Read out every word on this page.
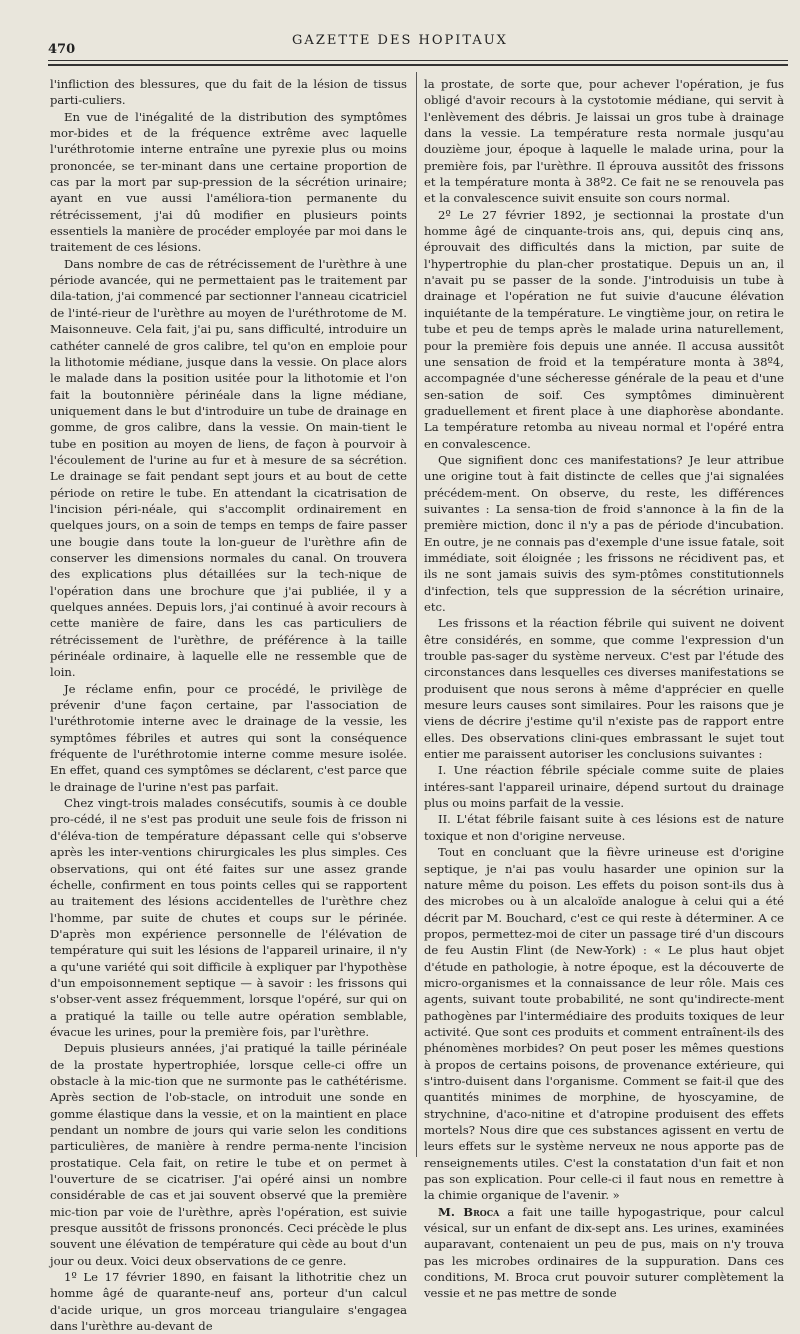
470
GAZETTE DES HOPITAUX

l'infliction des blessures, que du fait de la lésion de tissus parti-culiers.

En vue de l'inégalité de la distribution des symptômes mor-bides et de la fréquence extrême avec laquelle l'uréthrotomie interne entraîne une pyrexie plus ou moins prononcée, se ter-minant dans une certaine proportion de cas par la mort par sup-pression de la sécrétion urinaire; ayant en vue aussi l'améliora-tion permanente du rétrécissement, j'ai dû modifier en plusieurs points essentiels la manière de procéder employée par moi dans le traitement de ces lésions.

Dans nombre de cas de rétrécissement de l'urèthre à une période avancée, qui ne permettaient pas le traitement par dila-tation, j'ai commencé par sectionner l'anneau cicatriciel de l'inté-rieur de l'urèthre au moyen de l'uréthrotome de M. Maisonneuve. Cela fait, j'ai pu, sans difficulté, introduire un cathéter cannelé de gros calibre, tel qu'on en emploie pour la lithotomie médiane, jusque dans la vessie. On place alors le malade dans la position usitée pour la lithotomie et l'on fait la boutonnière périnéale dans la ligne médiane, uniquement dans le but d'introduire un tube de drainage en gomme, de gros calibre, dans la vessie. On main-tient le tube en position au moyen de liens, de façon à pourvoir à l'écoulement de l'urine au fur et à mesure de sa sécrétion. Le drainage se fait pendant sept jours et au bout de cette période on retire le tube. En attendant la cicatrisation de l'incision péri-néale, qui s'accomplit ordinairement en quelques jours, on a soin de temps en temps de faire passer une bougie dans toute la lon-gueur de l'urèthre afin de conserver les dimensions normales du canal. On trouvera des explications plus détaillées sur la tech-nique de l'opération dans une brochure que j'ai publiée, il y a quelques années. Depuis lors, j'ai continué à avoir recours à cette manière de faire, dans les cas particuliers de rétrécissement de l'urèthre, de préférence à la taille périnéale ordinaire, à laquelle elle ne ressemble que de loin.

Je réclame enfin, pour ce procédé, le privilège de prévenir d'une façon certaine, par l'association de l'uréthrotomie interne avec le drainage de la vessie, les symptômes fébriles et autres qui sont la conséquence fréquente de l'uréthrotomie interne comme mesure isolée. En effet, quand ces symptômes se déclarent, c'est parce que le drainage de l'urine n'est pas parfait.

Chez vingt-trois malades consécutifs, soumis à ce double pro-cédé, il ne s'est pas produit une seule fois de frisson ni d'éléva-tion de température dépassant celle qui s'observe après les inter-ventions chirurgicales les plus simples. Ces observations, qui ont été faites sur une assez grande échelle, confirment en tous points celles qui se rapportent au traitement des lésions accidentelles de l'urèthre chez l'homme, par suite de chutes et coups sur le périnée. D'après mon expérience personnelle de l'élévation de température qui suit les lésions de l'appareil urinaire, il n'y a qu'une variété qui soit difficile à expliquer par l'hypothèse d'un empoisonnement septique — à savoir : les frissons qui s'obser-vent assez fréquemment, lorsque l'opéré, sur qui on a pratiqué la taille ou telle autre opération semblable, évacue les urines, pour la première fois, par l'urèthre.

Depuis plusieurs années, j'ai pratiqué la taille périnéale de la prostate hypertrophiée, lorsque celle-ci offre un obstacle à la mic-tion que ne surmonte pas le cathétérisme. Après section de l'ob-stacle, on introduit une sonde en gomme élastique dans la vessie, et on la maintient en place pendant un nombre de jours qui varie selon les conditions particulières, de manière à rendre perma-nente l'incision prostatique. Cela fait, on retire le tube et on permet à l'ouverture de se cicatriser. J'ai opéré ainsi un nombre considérable de cas et jai souvent observé que la première mic-tion par voie de l'urèthre, après l'opération, est suivie presque aussitôt de frissons prononcés. Ceci précède le plus souvent une élévation de température qui cède au bout d'un jour ou deux. Voici deux observations de ce genre.

1º Le 17 février 1890, en faisant la lithotritie chez un homme âgé de quarante-neuf ans, porteur d'un calcul d'acide urique, un gros morceau triangulaire s'engagea dans l'urèthre au-devant de

la prostate, de sorte que, pour achever l'opération, je fus obligé d'avoir recours à la cystotomie médiane, qui servit à l'enlèvement des débris. Je laissai un gros tube à drainage dans la vessie. La température resta normale jusqu'au douzième jour, époque à laquelle le malade urina, pour la première fois, par l'urèthre. Il éprouva aussitôt des frissons et la température monta à 38º2. Ce fait ne se renouvela pas et la convalescence suivit ensuite son cours normal.

2º Le 27 février 1892, je sectionnai la prostate d'un homme âgé de cinquante-trois ans, qui, depuis cinq ans, éprouvait des difficultés dans la miction, par suite de l'hypertrophie du plan-cher prostatique. Depuis un an, il n'avait pu se passer de la sonde. J'introduisis un tube à drainage et l'opération ne fut suivie d'aucune élévation inquiétante de la température. Le vingtième jour, on retira le tube et peu de temps après le malade urina naturellement, pour la première fois depuis une année. Il accusa aussitôt une sensation de froid et la température monta à 38º4, accompagnée d'une sécheresse générale de la peau et d'une sen-sation de soif. Ces symptômes diminuèrent graduellement et firent place à une diaphorèse abondante. La température retomba au niveau normal et l'opéré entra en convalescence.

Que signifient donc ces manifestations? Je leur attribue une origine tout à fait distincte de celles que j'ai signalées précédem-ment. On observe, du reste, les différences suivantes : La sensa-tion de froid s'annonce à la fin de la première miction, donc il n'y a pas de période d'incubation. En outre, je ne connais pas d'exemple d'une issue fatale, soit immédiate, soit éloignée ; les frissons ne récidivent pas, et ils ne sont jamais suivis des sym-ptômes constitutionnels d'infection, tels que suppression de la sécrétion urinaire, etc.

Les frissons et la réaction fébrile qui suivent ne doivent être considérés, en somme, que comme l'expression d'un trouble pas-sager du système nerveux. C'est par l'étude des circonstances dans lesquelles ces diverses manifestations se produisent que nous serons à même d'apprécier en quelle mesure leurs causes sont similaires. Pour les raisons que je viens de décrire j'estime qu'il n'existe pas de rapport entre elles. Des observations clini-ques embrassant le sujet tout entier me paraissent autoriser les conclusions suivantes :

I. Une réaction fébrile spéciale comme suite de plaies intéres-sant l'appareil urinaire, dépend surtout du drainage plus ou moins parfait de la vessie.

II. L'état fébrile faisant suite à ces lésions est de nature toxique et non d'origine nerveuse.

Tout en concluant que la fièvre urineuse est d'origine septique, je n'ai pas voulu hasarder une opinion sur la nature même du poison. Les effets du poison sont-ils dus à des microbes ou à un alcaloïde analogue à celui qui a été décrit par M. Bouchard, c'est ce qui reste à déterminer. A ce propos, permettez-moi de citer un passage tiré d'un discours de feu Austin Flint (de New-York) : « Le plus haut objet d'étude en pathologie, à notre époque, est la découverte de micro-organismes et la connaissance de leur rôle. Mais ces agents, suivant toute probabilité, ne sont qu'indirecte-ment pathogènes par l'intermédiaire des produits toxiques de leur activité. Que sont ces produits et comment entraînent-ils des phénomènes morbides? On peut poser les mêmes questions à propos de certains poisons, de provenance extérieure, qui s'intro-duisent dans l'organisme. Comment se fait-il que des quantités minimes de morphine, de hyoscyamine, de strychnine, d'aco-nitine et d'atropine produisent des effets mortels? Nous dire que ces substances agissent en vertu de leurs effets sur le système nerveux ne nous apporte pas de renseignements utiles. C'est la constatation d'un fait et non pas son explication. Pour celle-ci il faut nous en remettre à la chimie organique de l'avenir. »

M. Broca a fait une taille hypogastrique, pour calcul vésical, sur un enfant de dix-sept ans. Les urines, examinées auparavant, contenaient un peu de pus, mais on n'y trouva pas les microbes ordinaires de la suppuration. Dans ces conditions, M. Broca crut pouvoir suturer complètement la vessie et ne pas mettre de sonde
